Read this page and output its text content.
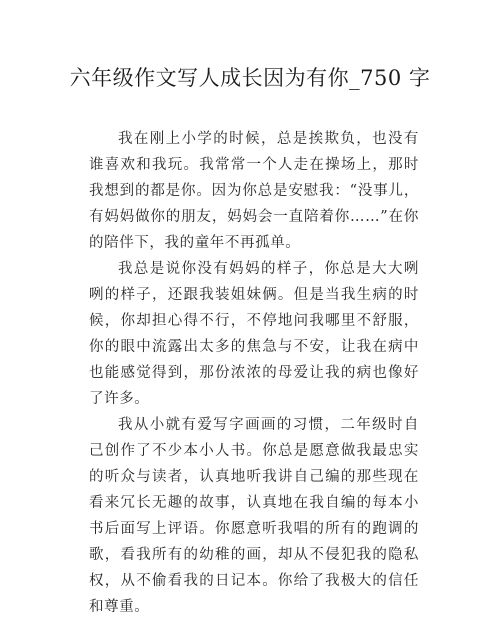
六年级作文写人成长因为有你_750 字

我在刚上小学的时候，总是挨欺负，也没有谁喜欢和我玩。我常常一个人走在操场上，那时我想到的都是你。因为你总是安慰我：“没事儿，有妈妈做你的朋友，妈妈会一直陪着你……”在你的陪伴下，我的童年不再孤单。

我总是说你没有妈妈的样子，你总是大大咧咧的样子，还跟我装姐妹俩。但是当我生病的时候，你却担心得不行，不停地问我哪里不舒服，你的眼中流露出太多的焦急与不安，让我在病中也能感觉得到，那份浓浓的母爱让我的病也像好了许多。

我从小就有爱写字画画的习惯，二年级时自己创作了不少本小人书。你总是愿意做我最忠实的听众与读者，认真地听我讲自己编的那些现在看来冗长无趣的故事，认真地在我自编的每本小书后面写上评语。你愿意听我唱的所有的跑调的歌，看我所有的幼稚的画，却从不侵犯我的隐私权，从不偷看我的日记本。你给了我极大的信任和尊重。
